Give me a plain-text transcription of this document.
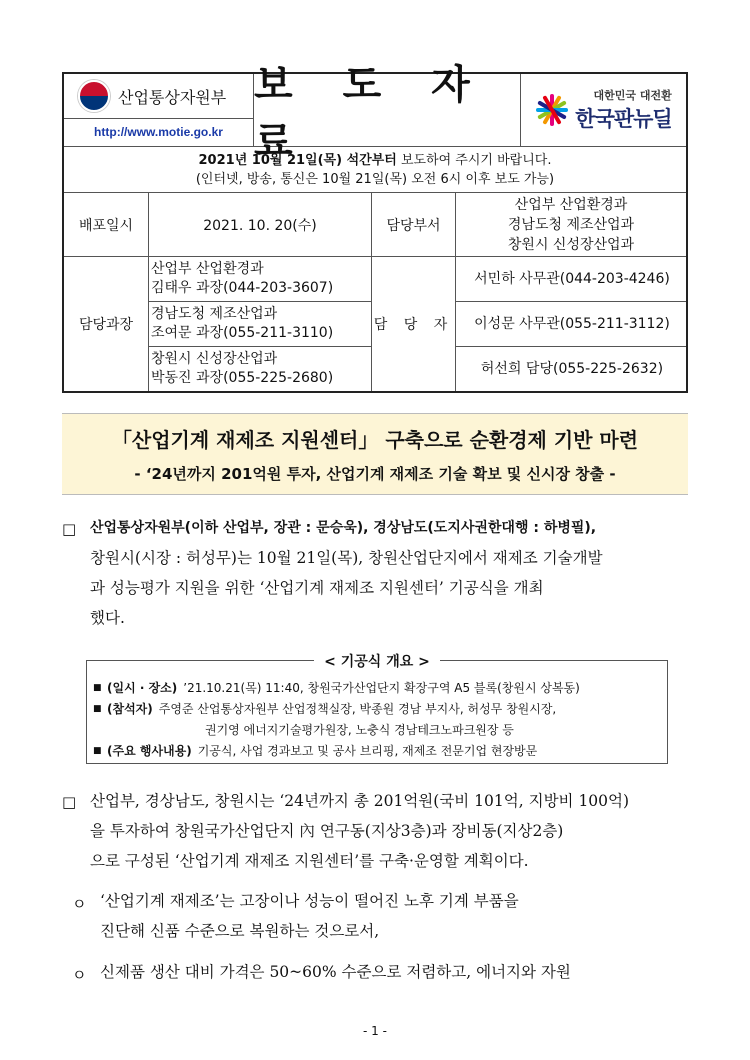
산업통상자원부
http://www.motie.go.kr
보 도 자 료
대한민국 대전환
한국판뉴딜
2021년 10월 21일(목) 석간부터 보도하여 주시기 바랍니다.
(인터넷, 방송, 통신은 10월 21일(목) 오전 6시 이후 보도 가능)
배포일시	2021. 10. 20(수)	담당부서
산업부 산업환경과
경남도청 제조산업과
창원시 신성장산업과
담당과장
산업부 산업환경과
김태우 과장(044-203-3607)
경남도청 제조산업과
조여문 과장(055-211-3110)
창원시 신성장산업과
박동진 과장(055-225-2680)
담 당 자
서민하 사무관(044-203-4246)
이성문 사무관(055-211-3112)
허선희 담당(055-225-2632)
「산업기계 재제조 지원센터」 구축으로 순환경제 기반 마련
- ‘24년까지 201억원 투자, 산업기계 재제조 기술 확보 및 신시장 창출 -
□ 산업통상자원부(이하 산업부, 장관 : 문승욱), 경상남도(도지사권한대행 : 하병필),
창원시(시장 : 허성무)는 10월 21일(목), 창원산업단지에서 재제조 기술개발
과 성능평가 지원을 위한 ‘산업기계 재제조 지원센터’ 기공식을 개최
했다.
< 기공식 개요 >
■ (일시 · 장소) ’21.10.21(목) 11:40, 창원국가산업단지 확장구역 A5 블록(창원시 상복동)
■ (참석자) 주영준 산업통상자원부 산업정책실장, 박종원 경남 부지사, 허성무 창원시장,
권기영 에너지기술평가원장, 노충식 경남테크노파크원장 등
■ (주요 행사내용) 기공식, 사업 경과보고 및 공사 브리핑, 재제조 전문기업 현장방문
□ 산업부, 경상남도, 창원시는 ‘24년까지 총 201억원(국비 101억, 지방비 100억)
을 투자하여 창원국가산업단지 內 연구동(지상3층)과 장비동(지상2층)
으로 구성된 ‘산업기계 재제조 지원센터’를 구축·운영할 계획이다.
ㅇ ‘산업기계 재제조’는 고장이나 성능이 떨어진 노후 기계 부품을
진단해 신품 수준으로 복원하는 것으로서,
ㅇ 신제품 생산 대비 가격은 50~60% 수준으로 저렴하고, 에너지와 자원
- 1 -
